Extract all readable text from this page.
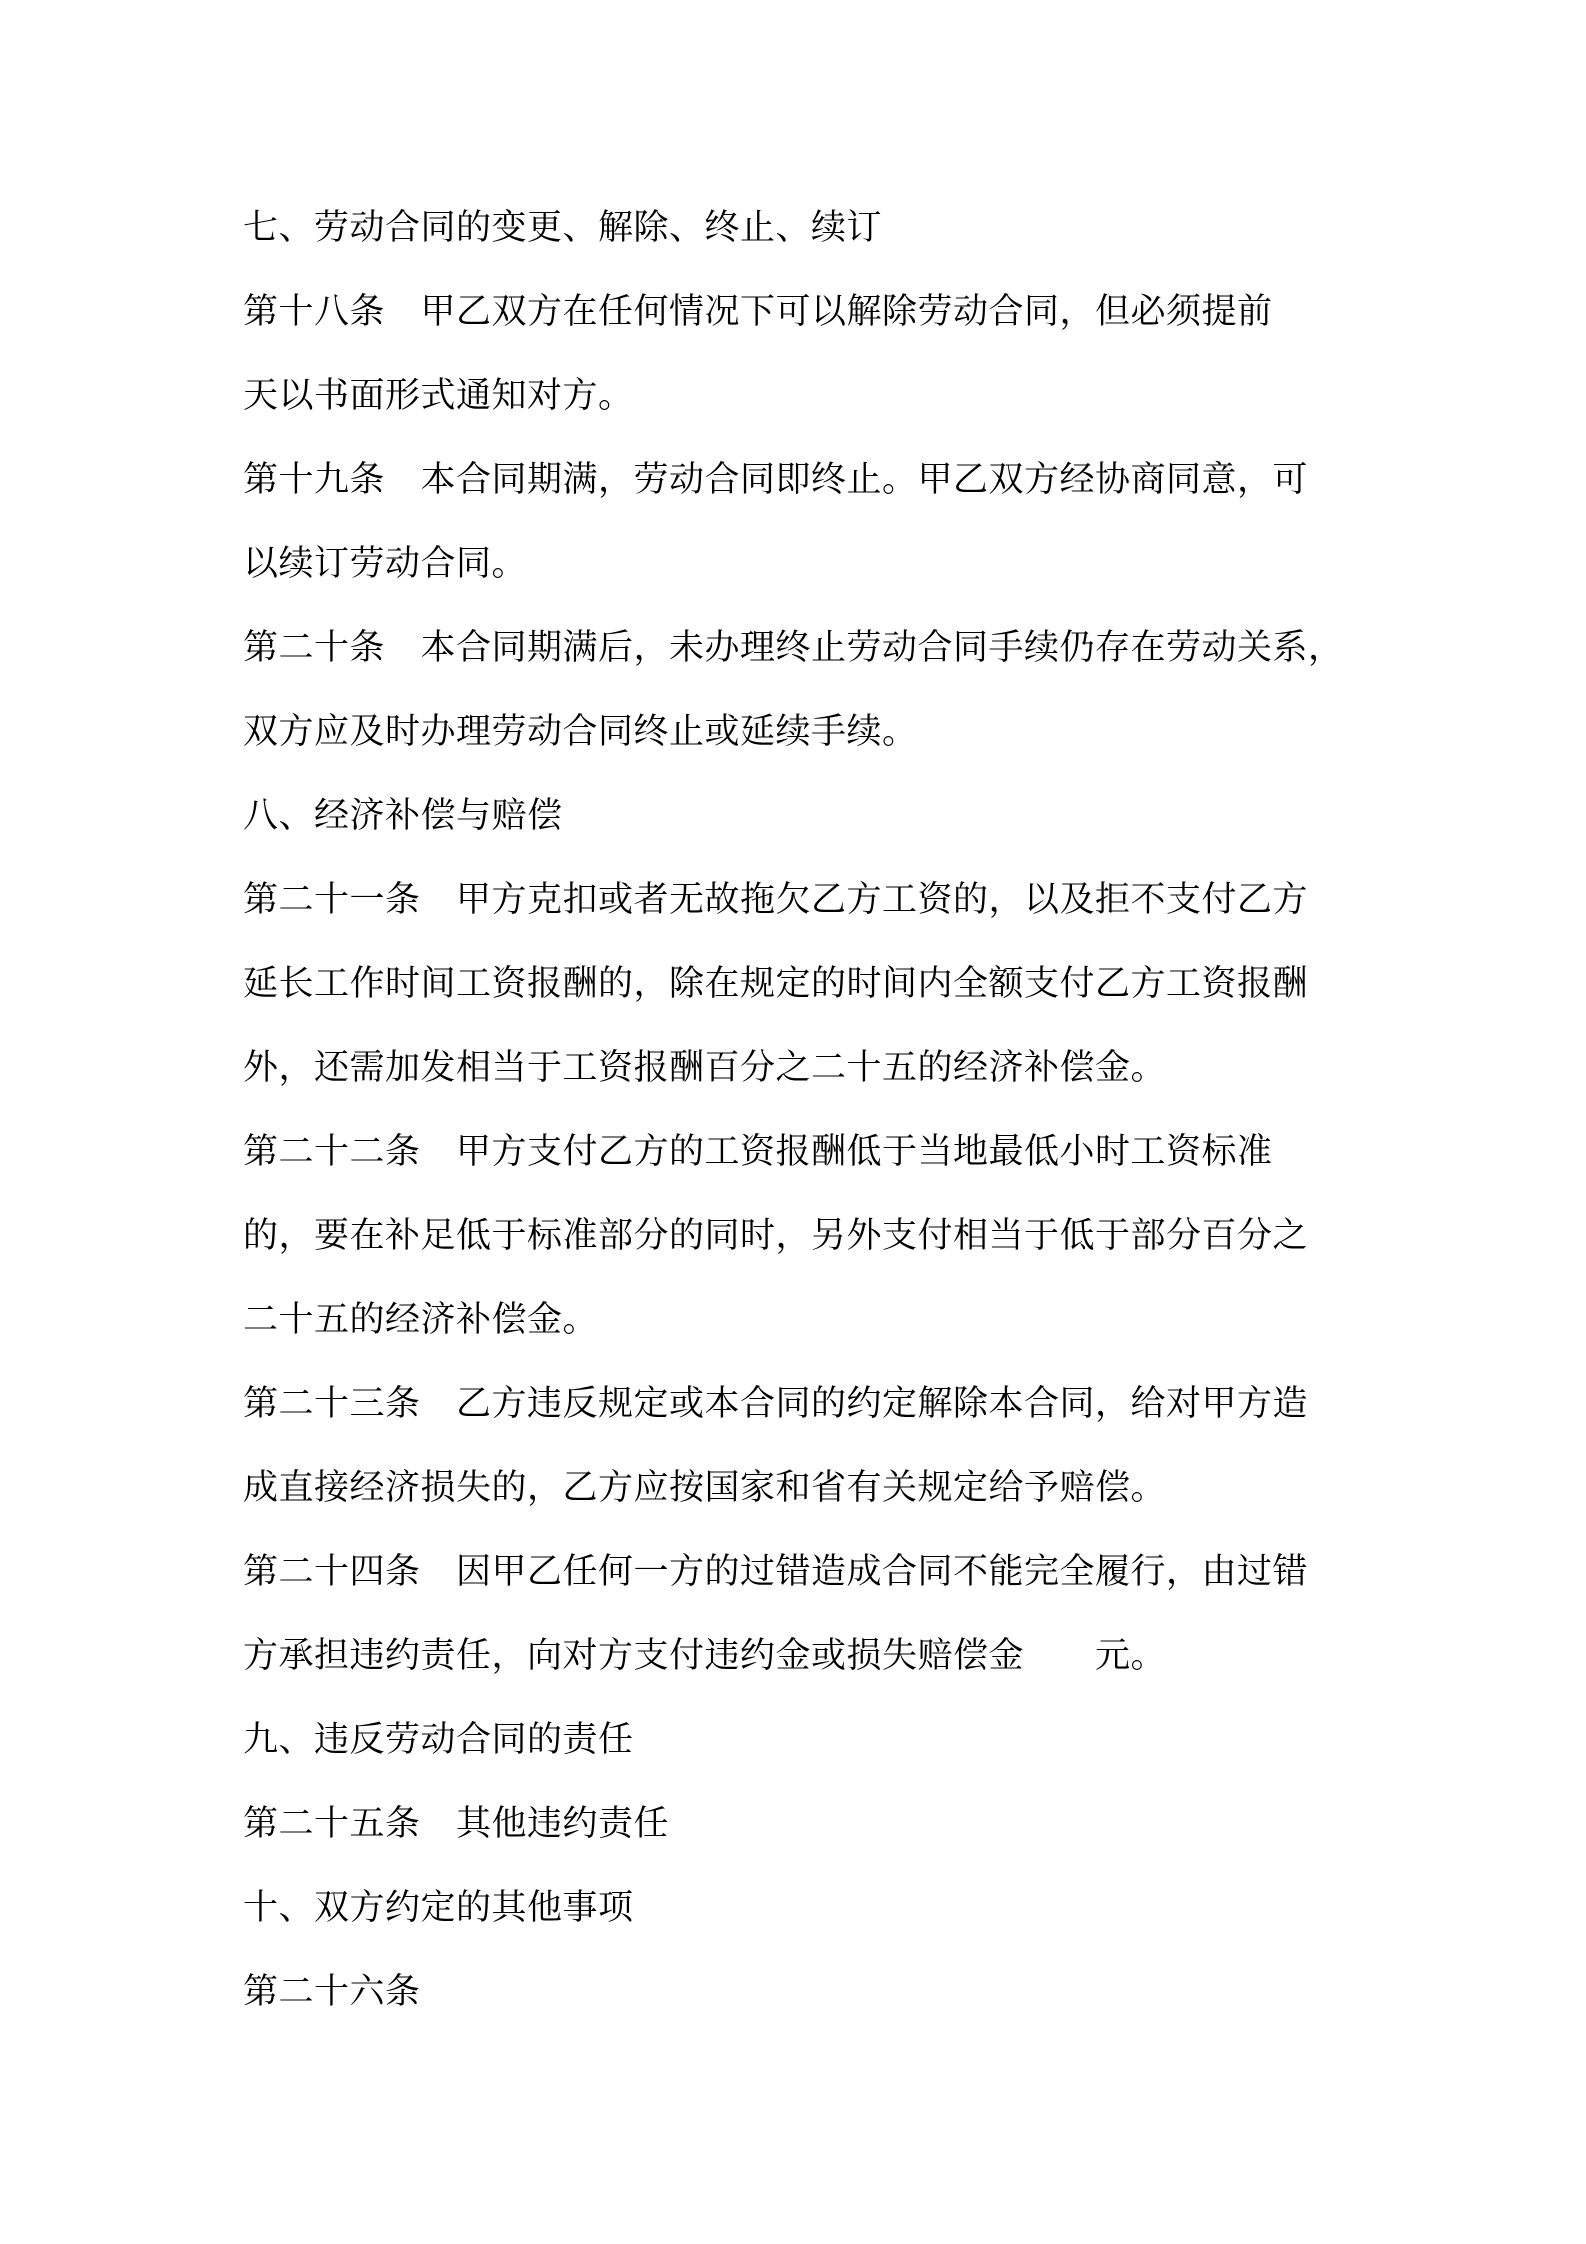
七、劳动合同的变更、解除、终止、续订
第十八条　甲乙双方在任何情况下可以解除劳动合同，但必须提前
天以书面形式通知对方。
第十九条　本合同期满，劳动合同即终止。甲乙双方经协商同意，可
以续订劳动合同。
第二十条　本合同期满后，未办理终止劳动合同手续仍存在劳动关系，
双方应及时办理劳动合同终止或延续手续。
八、经济补偿与赔偿
第二十一条　甲方克扣或者无故拖欠乙方工资的，以及拒不支付乙方
延长工作时间工资报酬的，除在规定的时间内全额支付乙方工资报酬
外，还需加发相当于工资报酬百分之二十五的经济补偿金。
第二十二条　甲方支付乙方的工资报酬低于当地最低小时工资标准
的，要在补足低于标准部分的同时，另外支付相当于低于部分百分之
二十五的经济补偿金。
第二十三条　乙方违反规定或本合同的约定解除本合同，给对甲方造
成直接经济损失的，乙方应按国家和省有关规定给予赔偿。
第二十四条　因甲乙任何一方的过错造成合同不能完全履行，由过错
方承担违约责任，向对方支付违约金或损失赔偿金　　元。
九、违反劳动合同的责任
第二十五条　其他违约责任
十、双方约定的其他事项
第二十六条
